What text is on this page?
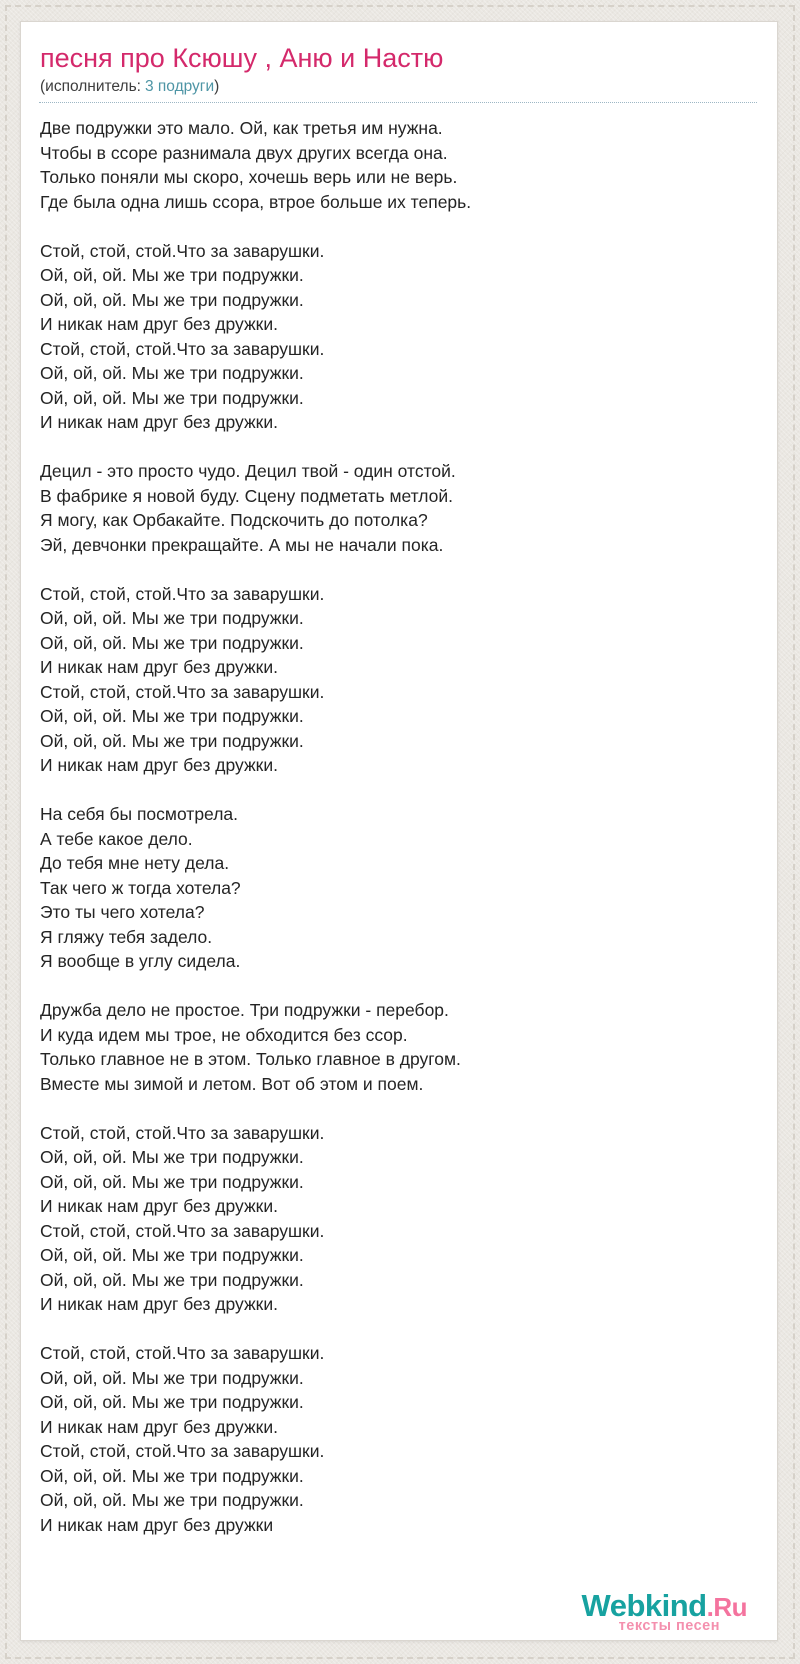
песня про Ксюшу , Аню и Настю
(исполнитель: 3 подруги)
Две подружки это мало. Ой, как третья им нужна.
Чтобы в ссоре разнимала двух других всегда она.
Только поняли мы скоро, хочешь верь или не верь.
Где была одна лишь ссора, втрое больше их теперь.
Стой, стой, стой.Что за заварушки.
Ой, ой, ой. Мы же три подружки.
Ой, ой, ой. Мы же три подружки.
И никак нам друг без дружки.
Стой, стой, стой.Что за заварушки.
Ой, ой, ой. Мы же три подружки.
Ой, ой, ой. Мы же три подружки.
И никак нам друг без дружки.
Децил - это просто чудо. Децил твой - один отстой.
В фабрике я новой буду. Сцену подметать метлой.
Я могу, как Орбакайте. Подскочить до потолка?
Эй, девчонки прекращайте. А мы не начали пока.
Стой, стой, стой.Что за заварушки.
Ой, ой, ой. Мы же три подружки.
Ой, ой, ой. Мы же три подружки.
И никак нам друг без дружки.
Стой, стой, стой.Что за заварушки.
Ой, ой, ой. Мы же три подружки.
Ой, ой, ой. Мы же три подружки.
И никак нам друг без дружки.
На себя бы посмотрела.
А тебе какое дело.
До тебя мне нету дела.
Так чего ж тогда хотела?
Это ты чего хотела?
Я гляжу тебя задело.
Я вообще в углу сидела.
Дружба дело не простое. Три подружки - перебор.
И куда идем мы трое, не обходится без ссор.
Только главное не в этом. Только главное в другом.
Вместе мы зимой и летом. Вот об этом и поем.
Стой, стой, стой.Что за заварушки.
Ой, ой, ой. Мы же три подружки.
Ой, ой, ой. Мы же три подружки.
И никак нам друг без дружки.
Стой, стой, стой.Что за заварушки.
Ой, ой, ой. Мы же три подружки.
Ой, ой, ой. Мы же три подружки.
И никак нам друг без дружки.
Стой, стой, стой.Что за заварушки.
Ой, ой, ой. Мы же три подружки.
Ой, ой, ой. Мы же три подружки.
И никак нам друг без дружки.
Стой, стой, стой.Что за заварушки.
Ой, ой, ой. Мы же три подружки.
Ой, ой, ой. Мы же три подружки.
И никак нам друг без дружки
Webkind.Ru
тексты песен
